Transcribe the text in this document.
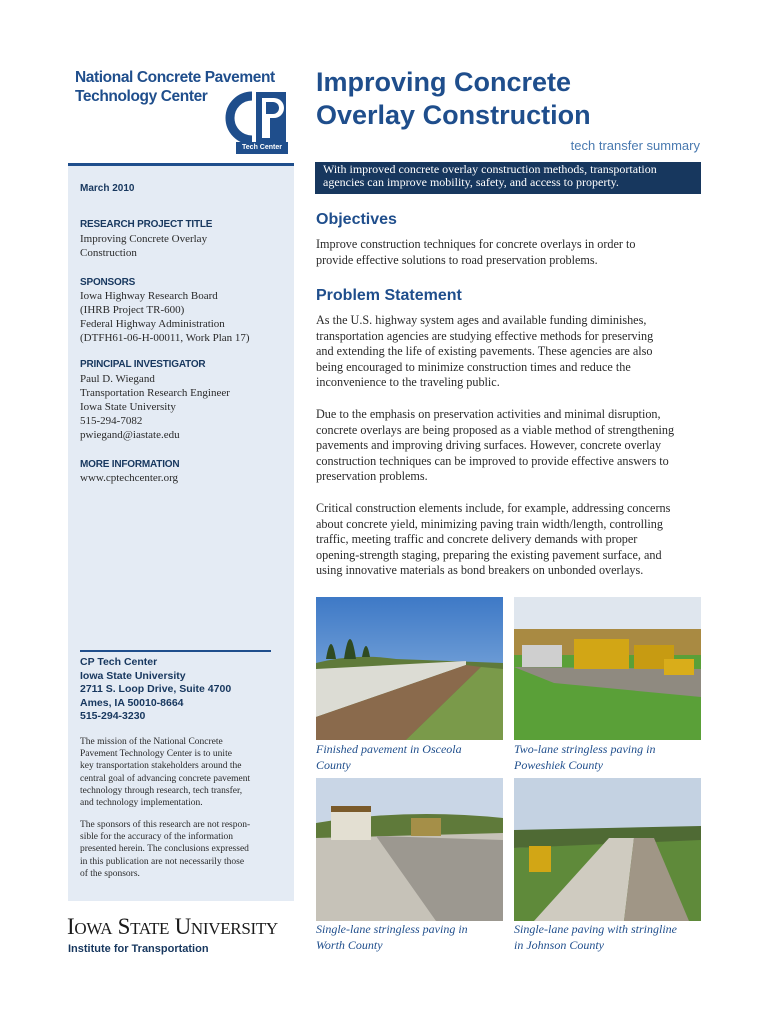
National Concrete Pavement
Technology Center
Tech Center
Improving Concrete
Overlay Construction
tech transfer summary
With improved concrete overlay construction methods, transportation
agencies can improve mobility, safety, and access to property.
March 2010
RESEARCH PROJECT TITLE
Improving Concrete Overlay
Construction
SPONSORS
Iowa Highway Research Board
(IHRB Project TR-600)
Federal Highway Administration
(DTFH61-06-H-00011, Work Plan 17)
PRINCIPAL INVESTIGATOR
Paul D. Wiegand
Transportation Research Engineer
Iowa State University
515-294-7082
pwiegand@iastate.edu
MORE INFORMATION
www.cptechcenter.org
CP Tech Center
Iowa State University
2711 S. Loop Drive, Suite 4700
Ames, IA 50010-8664
515-294-3230
The mission of the National Concrete
Pavement Technology Center is to unite
key transportation stakeholders around the
central goal of advancing concrete pavement
technology through research, tech transfer,
and technology implementation.
The sponsors of this research are not respon-
sible for the accuracy of the information
presented herein. The conclusions expressed
in this publication are not necessarily those
of the sponsors.
IOWA STATE UNIVERSITY
Institute for Transportation
Objectives
Improve construction techniques for concrete overlays in order to
provide effective solutions to road preservation problems.
Problem Statement
As the U.S. highway system ages and available funding diminishes,
transportation agencies are studying effective methods for preserving
and extending the life of existing pavements. These agencies are also
being encouraged to minimize construction times and reduce the
inconvenience to the traveling public.
Due to the emphasis on preservation activities and minimal disruption,
concrete overlays are being proposed as a viable method of strengthening
pavements and improving driving surfaces. However, concrete overlay
construction techniques can be improved to provide effective answers to
preservation problems.
Critical construction elements include, for example, addressing concerns
about concrete yield, minimizing paving train width/length, controlling
traffic, meeting traffic and concrete delivery demands with proper
opening-strength staging, preparing the existing pavement surface, and
using innovative materials as bond breakers on unbonded overlays.
Finished pavement in Osceola
County
Two-lane stringless paving in
Poweshiek County
Single-lane stringless paving in
Worth County
Single-lane paving with stringline
in Johnson County
